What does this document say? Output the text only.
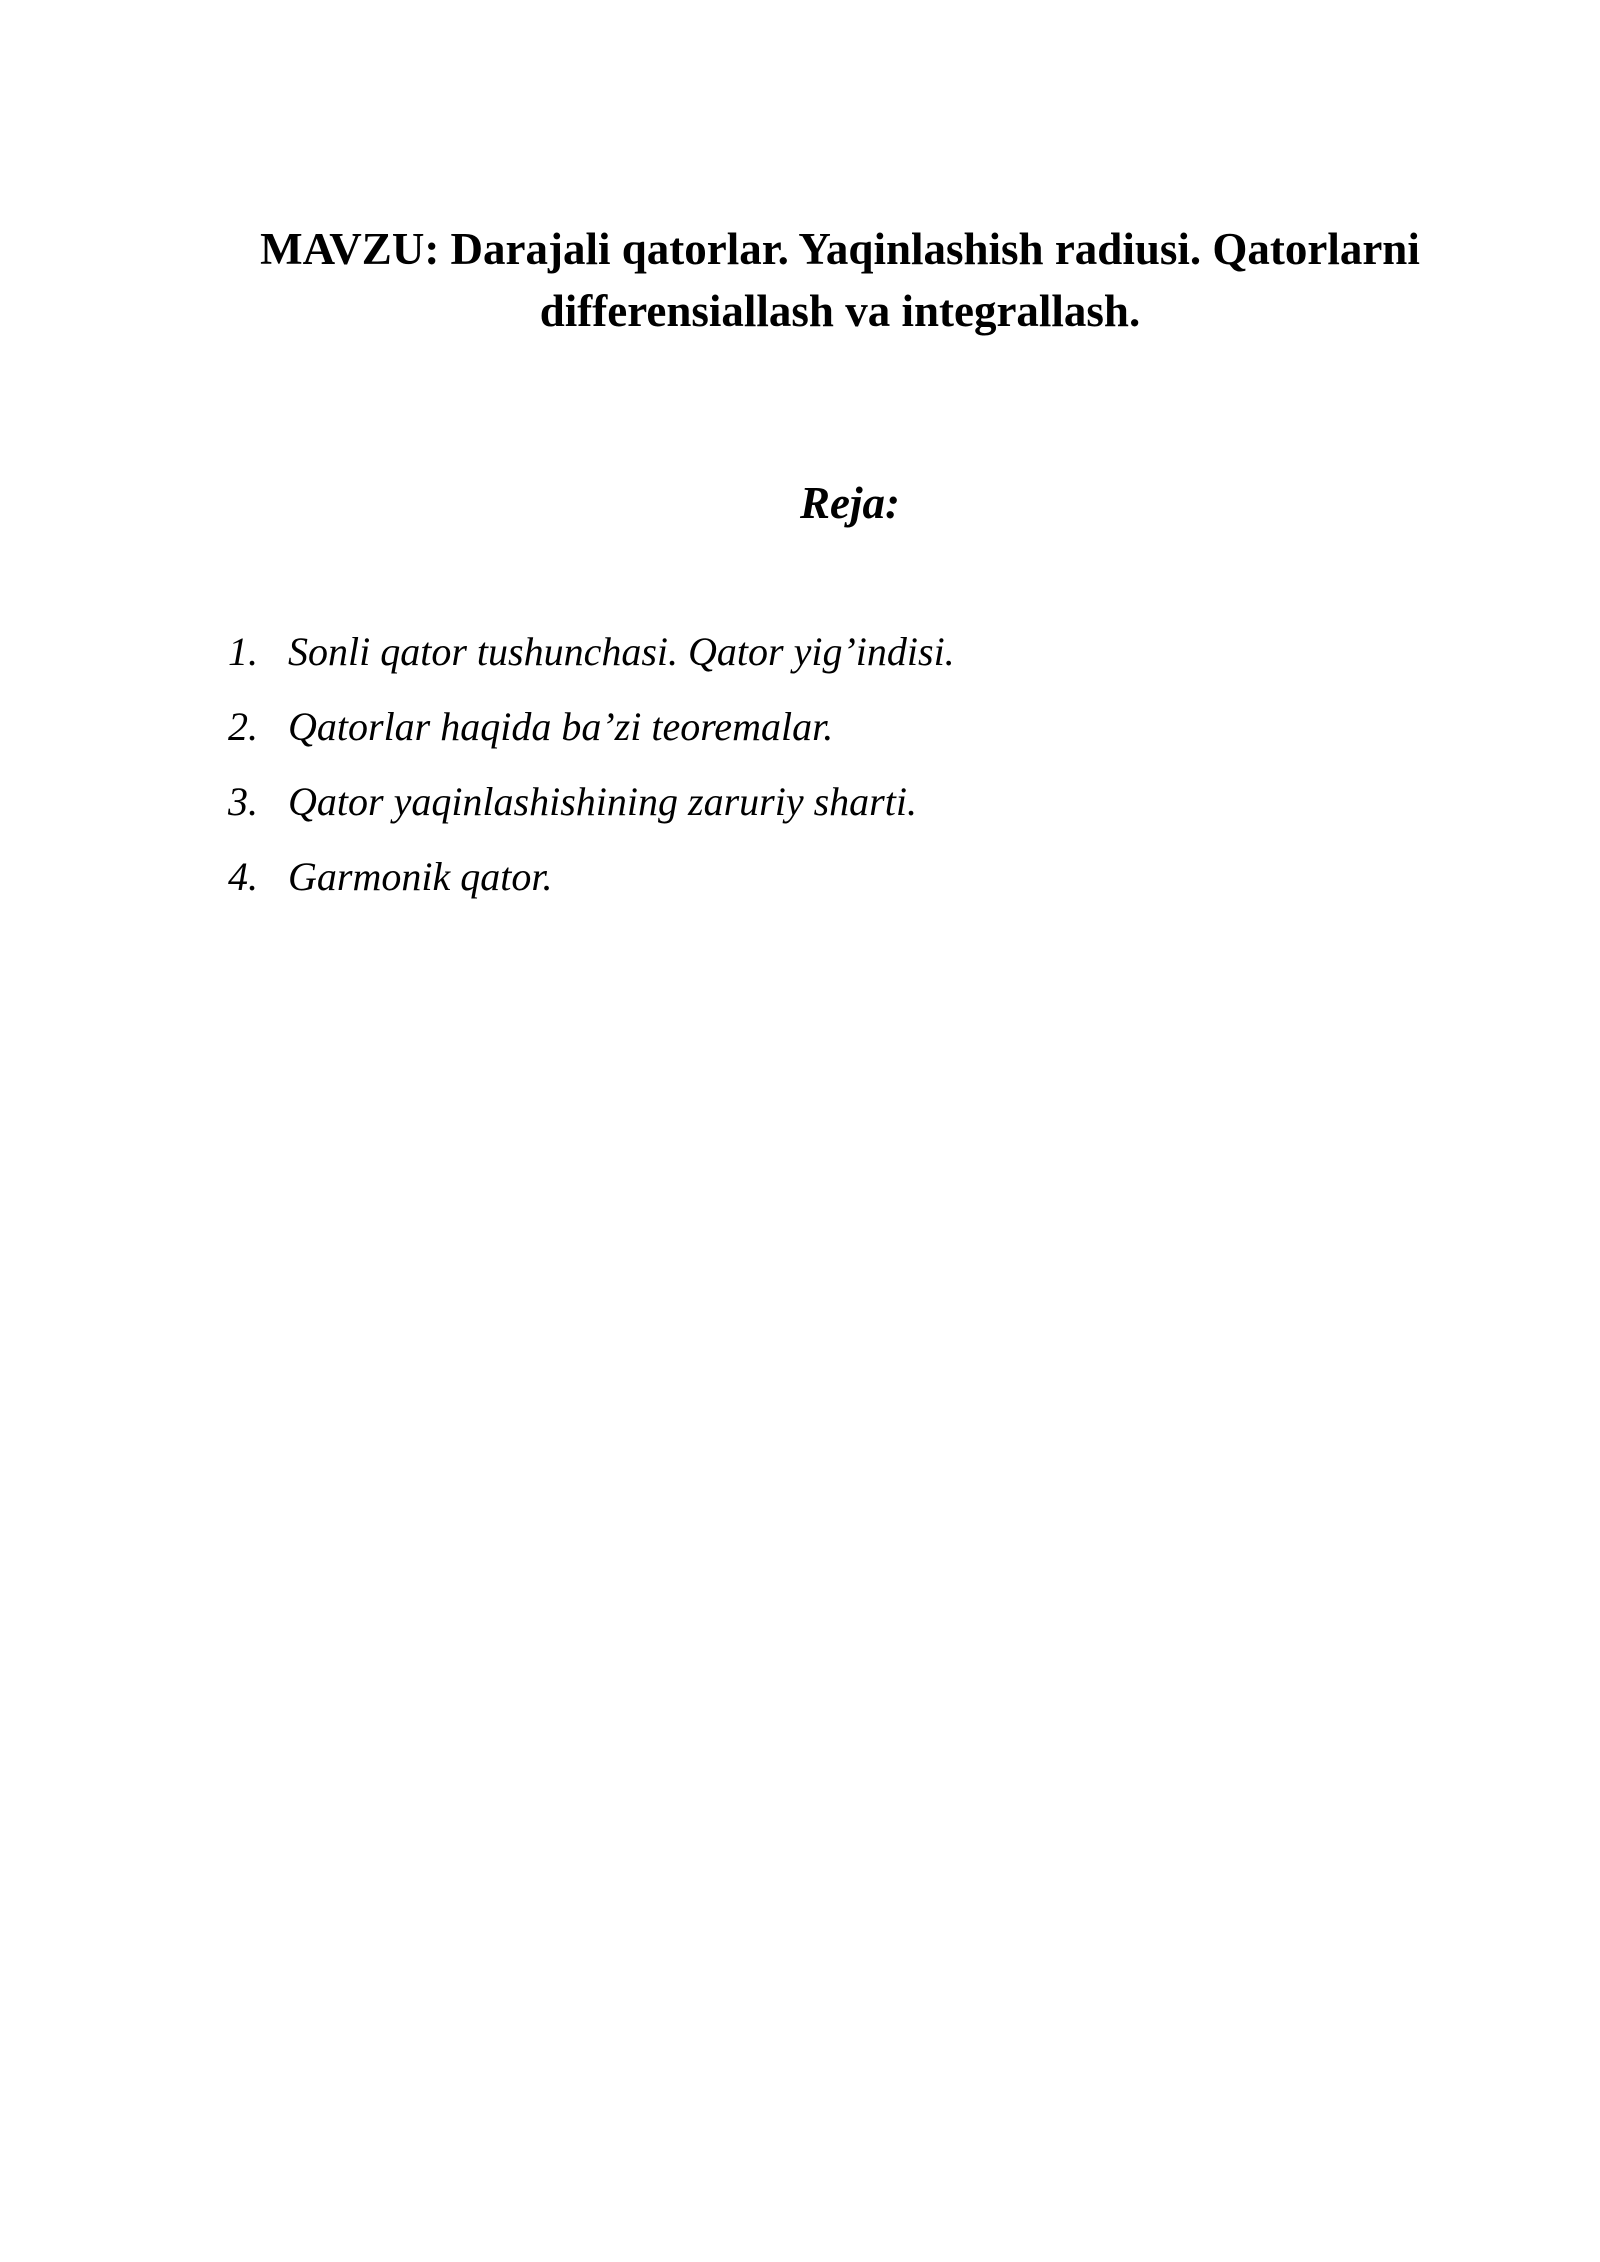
MAVZU: Darajali qatorlar. Yaqinlashish radiusi. Qatorlarni differensiallash va integrallash.
Reja:
1. Sonli qator tushunchasi. Qator yig’indisi.
2. Qatorlar haqida ba’zi teoremalar.
3. Qator yaqinlashishining zaruriy sharti.
4. Garmonik qator.
